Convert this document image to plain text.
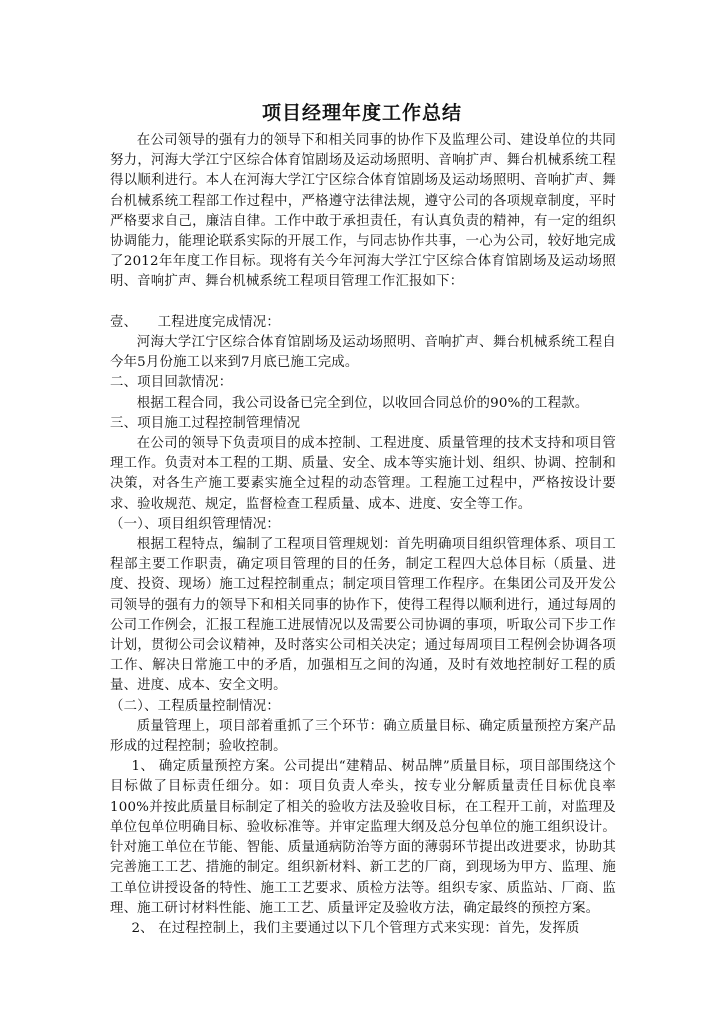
项目经理年度工作总结

在公司领导的强有力的领导下和相关同事的协作下及监理公司、建设单位的共同努力，河海大学江宁区综合体育馆剧场及运动场照明、音响扩声、舞台机械系统工程得以顺利进行。本人在河海大学江宁区综合体育馆剧场及运动场照明、音响扩声、舞台机械系统工程部工作过程中，严格遵守法律法规，遵守公司的各项规章制度，平时严格要求自己，廉洁自律。工作中敢于承担责任，有认真负责的精神，有一定的组织协调能力，能理论联系实际的开展工作，与同志协作共事，一心为公司，较好地完成了2012年年度工作目标。现将有关今年河海大学江宁区综合体育馆剧场及运动场照明、音响扩声、舞台机械系统工程项目管理工作汇报如下：

壹、　　工程进度完成情况：

河海大学江宁区综合体育馆剧场及运动场照明、音响扩声、舞台机械系统工程自今年5月份施工以来到7月底已施工完成。

二、项目回款情况：

根据工程合同，我公司设备已完全到位，以收回合同总价的90%的工程款。

三、项目施工过程控制管理情况

在公司的领导下负责项目的成本控制、工程进度、质量管理的技术支持和项目管理工作。负责对本工程的工期、质量、安全、成本等实施计划、组织、协调、控制和决策，对各生产施工要素实施全过程的动态管理。工程施工过程中，严格按设计要求、验收规范、规定，监督检查工程质量、成本、进度、安全等工作。

（一）、项目组织管理情况：

根据工程特点，编制了工程项目管理规划：首先明确项目组织管理体系、项目工程部主要工作职责，确定项目管理的目的任务，制定工程四大总体目标（质量、进度、投资、现场）施工过程控制重点；制定项目管理工作程序。在集团公司及开发公司领导的强有力的领导下和相关同事的协作下，使得工程得以顺利进行，通过每周的公司工作例会，汇报工程施工进展情况以及需要公司协调的事项，听取公司下步工作计划，贯彻公司会议精神，及时落实公司相关决定；通过每周项目工程例会协调各项工作、解决日常施工中的矛盾，加强相互之间的沟通，及时有效地控制好工程的质量、进度、成本、安全文明。

（二）、工程质量控制情况：

质量管理上，项目部着重抓了三个环节：确立质量目标、确定质量预控方案产品形成的过程控制；验收控制。

1、 确定质量预控方案。公司提出“建精品、树品牌”质量目标，项目部围绕这个目标做了目标责任细分。如：项目负责人牵头，按专业分解质量责任目标优良率100%并按此质量目标制定了相关的验收方法及验收目标，在工程开工前，对监理及单位包单位明确目标、验收标准等。并审定监理大纲及总分包单位的施工组织设计。针对施工单位在节能、智能、质量通病防治等方面的薄弱环节提出改进要求，协助其完善施工工艺、措施的制定。组织新材料、新工艺的厂商，到现场为甲方、监理、施工单位讲授设备的特性、施工工艺要求、质检方法等。组织专家、质监站、厂商、监理、施工研讨材料性能、施工工艺、质量评定及验收方法，确定最终的预控方案。

2、 在过程控制上，我们主要通过以下几个管理方式来实现：首先，发挥质
